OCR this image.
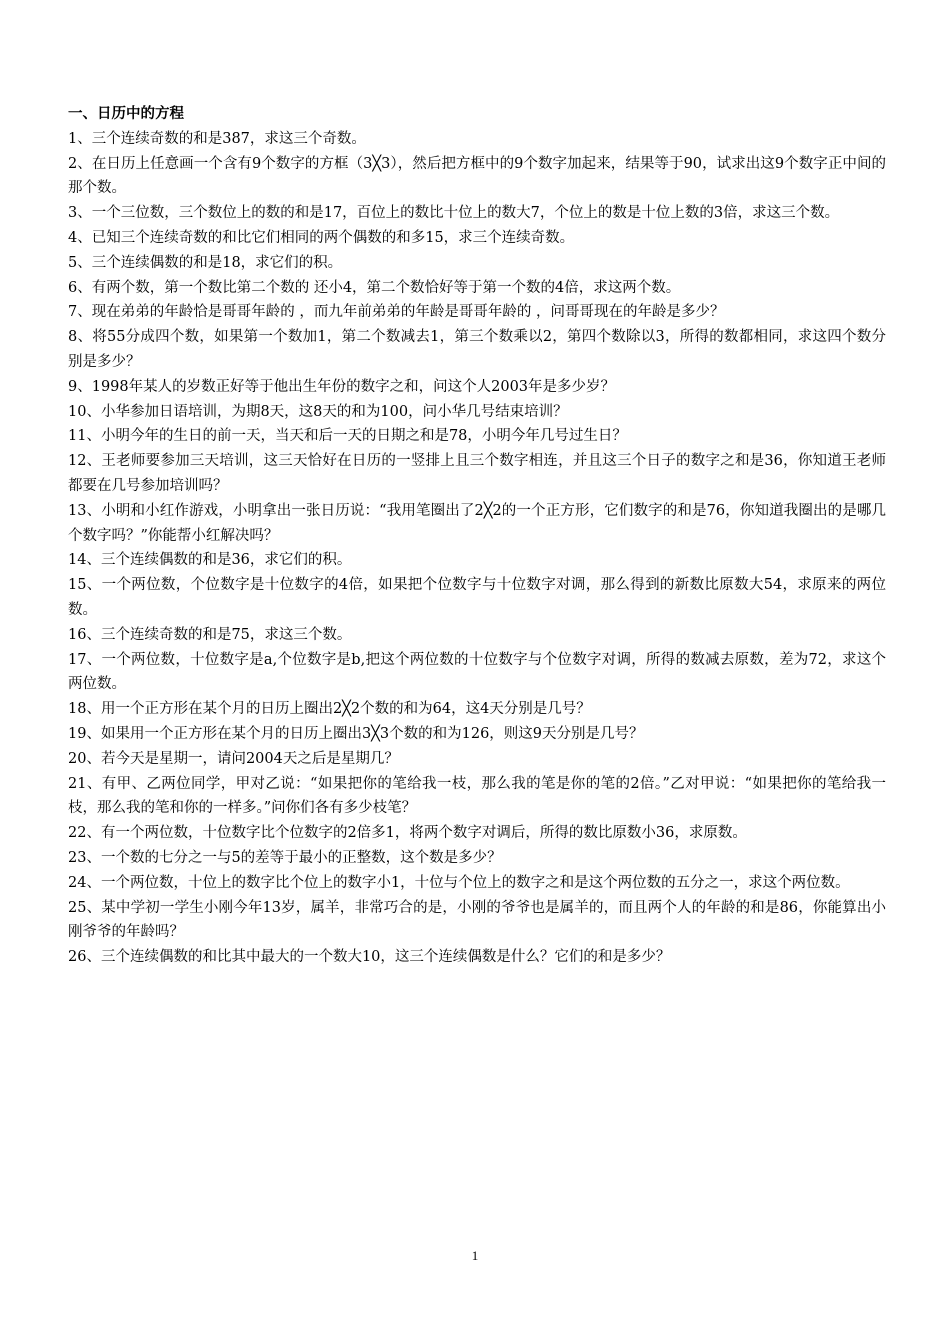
一、日历中的方程

1、三个连续奇数的和是387，求这三个奇数。

2、在日历上任意画一个含有9个数字的方框（3╳3），然后把方框中的9个数字加起来，结果等于90，试求出这9个数字正中间的那个数。

3、一个三位数，三个数位上的数的和是17，百位上的数比十位上的数大7，个位上的数是十位上数的3倍，求这三个数。

4、已知三个连续奇数的和比它们相同的两个偶数的和多15，求三个连续奇数。

5、三个连续偶数的和是18，求它们的积。

6、有两个数，第一个数比第二个数的 还小4，第二个数恰好等于第一个数的4倍，求这两个数。

7、现在弟弟的年龄恰是哥哥年龄的 ，而九年前弟弟的年龄是哥哥年龄的 ，问哥哥现在的年龄是多少？

8、将55分成四个数，如果第一个数加1，第二个数减去1，第三个数乘以2，第四个数除以3，所得的数都相同，求这四个数分别是多少？

9、1998年某人的岁数正好等于他出生年份的数字之和，问这个人2003年是多少岁？

10、小华参加日语培训，为期8天，这8天的和为100，问小华几号结束培训？

11、小明今年的生日的前一天，当天和后一天的日期之和是78，小明今年几号过生日？

12、王老师要参加三天培训，这三天恰好在日历的一竖排上且三个数字相连，并且这三个日子的数字之和是36，你知道王老师都要在几号参加培训吗？

13、小明和小红作游戏，小明拿出一张日历说：“我用笔圈出了2╳2的一个正方形，它们数字的和是76，你知道我圈出的是哪几个数字吗？”你能帮小红解决吗？

14、三个连续偶数的和是36，求它们的积。

15、一个两位数，个位数字是十位数字的4倍，如果把个位数字与十位数字对调，那么得到的新数比原数大54，求原来的两位数。

16、三个连续奇数的和是75，求这三个数。

17、一个两位数，十位数字是a,个位数字是b,把这个两位数的十位数字与个位数字对调，所得的数减去原数，差为72，求这个两位数。

18、用一个正方形在某个月的日历上圈出2╳2个数的和为64，这4天分别是几号？

19、如果用一个正方形在某个月的日历上圈出3╳3个数的和为126，则这9天分别是几号？

20、若今天是星期一，请问2004天之后是星期几？

21、有甲、乙两位同学，甲对乙说：“如果把你的笔给我一枝，那么我的笔是你的笔的2倍。”乙对甲说：“如果把你的笔给我一枝，那么我的笔和你的一样多。”问你们各有多少枝笔？

22、有一个两位数，十位数字比个位数字的2倍多1，将两个数字对调后，所得的数比原数小36，求原数。

23、一个数的七分之一与5的差等于最小的正整数，这个数是多少？

24、一个两位数，十位上的数字比个位上的数字小1，十位与个位上的数字之和是这个两位数的五分之一，求这个两位数。

25、某中学初一学生小刚今年13岁，属羊，非常巧合的是，小刚的爷爷也是属羊的，而且两个人的年龄的和是86，你能算出小刚爷爷的年龄吗？

26、三个连续偶数的和比其中最大的一个数大10，这三个连续偶数是什么？它们的和是多少？

1
